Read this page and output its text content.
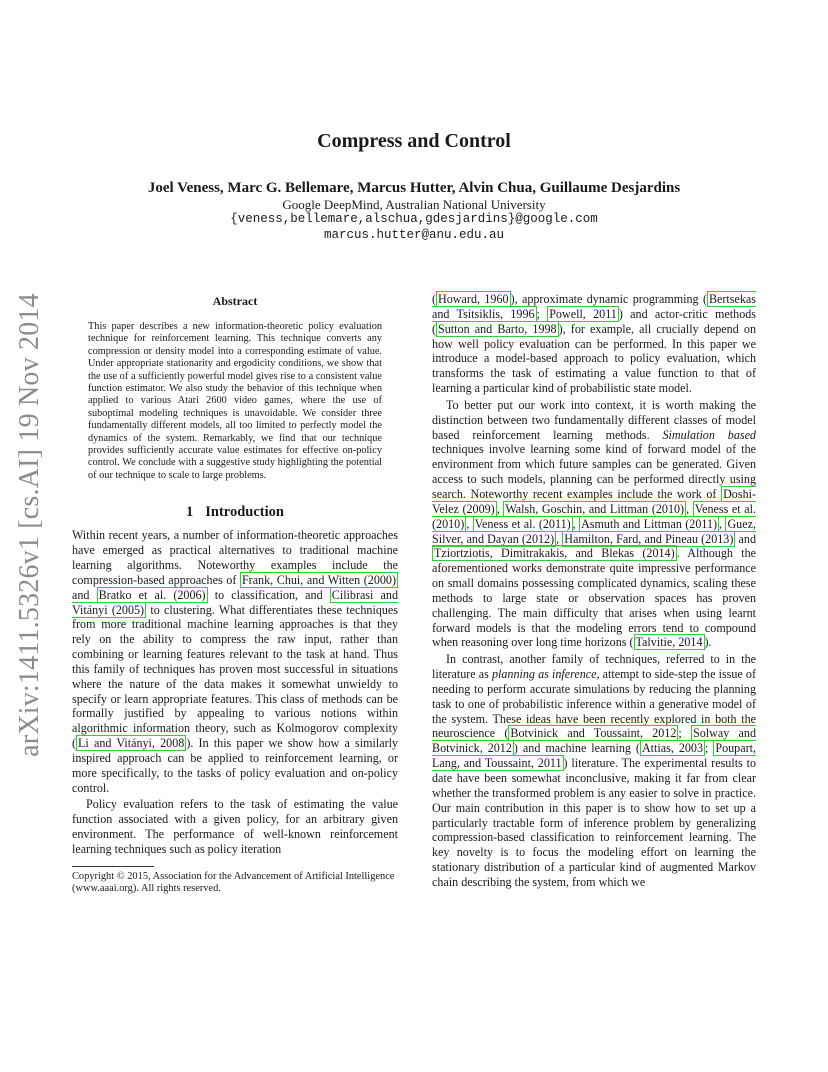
arXiv:1411.5326v1 [cs.AI] 19 Nov 2014
Compress and Control
Joel Veness, Marc G. Bellemare, Marcus Hutter, Alvin Chua, Guillaume Desjardins
Google DeepMind, Australian National University
{veness,bellemare,alschua,gdesjardins}@google.com
marcus.hutter@anu.edu.au
Abstract

This paper describes a new information-theoretic policy evaluation technique for reinforcement learning. This technique converts any compression or density model into a corresponding estimate of value. Under appropriate stationarity and ergodicity conditions, we show that the use of a sufficiently powerful model gives rise to a consistent value function estimator. We also study the behavior of this technique when applied to various Atari 2600 video games, where the use of suboptimal modeling techniques is unavoidable. We consider three fundamentally different models, all too limited to perfectly model the dynamics of the system. Remarkably, we find that our technique provides sufficiently accurate value estimates for effective on-policy control. We conclude with a suggestive study highlighting the potential of our technique to scale to large problems.

1 Introduction

Within recent years, a number of information-theoretic approaches have emerged as practical alternatives to traditional machine learning algorithms. Noteworthy examples include the compression-based approaches of Frank, Chui, and Witten (2000) and Bratko et al. (2006) to classification, and Cilibrasi and Vitányi (2005) to clustering. What differentiates these techniques from more traditional machine learning approaches is that they rely on the ability to compress the raw input, rather than combining or learning features relevant to the task at hand. Thus this family of techniques has proven most successful in situations where the nature of the data makes it somewhat unwieldy to specify or learn appropriate features. This class of methods can be formally justified by appealing to various notions within algorithmic information theory, such as Kolmogorov complexity ( Li and Vitányi, 2008 ). In this paper we show how a similarly inspired approach can be applied to reinforcement learning, or more specifically, to the tasks of policy evaluation and on-policy control.

Policy evaluation refers to the task of estimating the value function associated with a given policy, for an arbitrary given environment. The performance of well-known reinforcement learning techniques such as policy iteration

Copyright © 2015, Association for the Advancement of Artificial Intelligence (www.aaai.org). All rights reserved.

( Howard, 1960 ), approximate dynamic programming ( Bertsekas and Tsitsiklis, 1996 ; Powell, 2011 ) and actor-critic methods ( Sutton and Barto, 1998 ), for example, all crucially depend on how well policy evaluation can be performed. In this paper we introduce a model-based approach to policy evaluation, which transforms the task of estimating a value function to that of learning a particular kind of probabilistic state model.

To better put our work into context, it is worth making the distinction between two fundamentally different classes of model based reinforcement learning methods. Simulation based techniques involve learning some kind of forward model of the environment from which future samples can be generated. Given access to such models, planning can be performed directly using search. Noteworthy recent examples include the work of Doshi-Velez (2009) , Walsh, Goschin, and Littman (2010) , Veness et al. (2010) , Veness et al. (2011) , Asmuth and Littman (2011) , Guez, Silver, and Dayan (2012) , Hamilton, Fard, and Pineau (2013) and Tziortziotis, Dimitrakakis, and Blekas (2014) . Although the aforementioned works demonstrate quite impressive performance on small domains possessing complicated dynamics, scaling these methods to large state or observation spaces has proven challenging. The main difficulty that arises when using learnt forward models is that the modeling errors tend to compound when reasoning over long time horizons ( Talvitie, 2014 ).

In contrast, another family of techniques, referred to in the literature as planning as inference, attempt to side-step the issue of needing to perform accurate simulations by reducing the planning task to one of probabilistic inference within a generative model of the system. These ideas have been recently explored in both the neuroscience ( Botvinick and Toussaint, 2012 ; Solway and Botvinick, 2012 ) and machine learning ( Attias, 2003 ; Poupart, Lang, and Toussaint, 2011 ) literature. The experimental results to date have been somewhat inconclusive, making it far from clear whether the transformed problem is any easier to solve in practice. Our main contribution in this paper is to show how to set up a particularly tractable form of inference problem by generalizing compression-based classification to reinforcement learning. The key novelty is to focus the modeling effort on learning the stationary distribution of a particular kind of augmented Markov chain describing the system, from which we
